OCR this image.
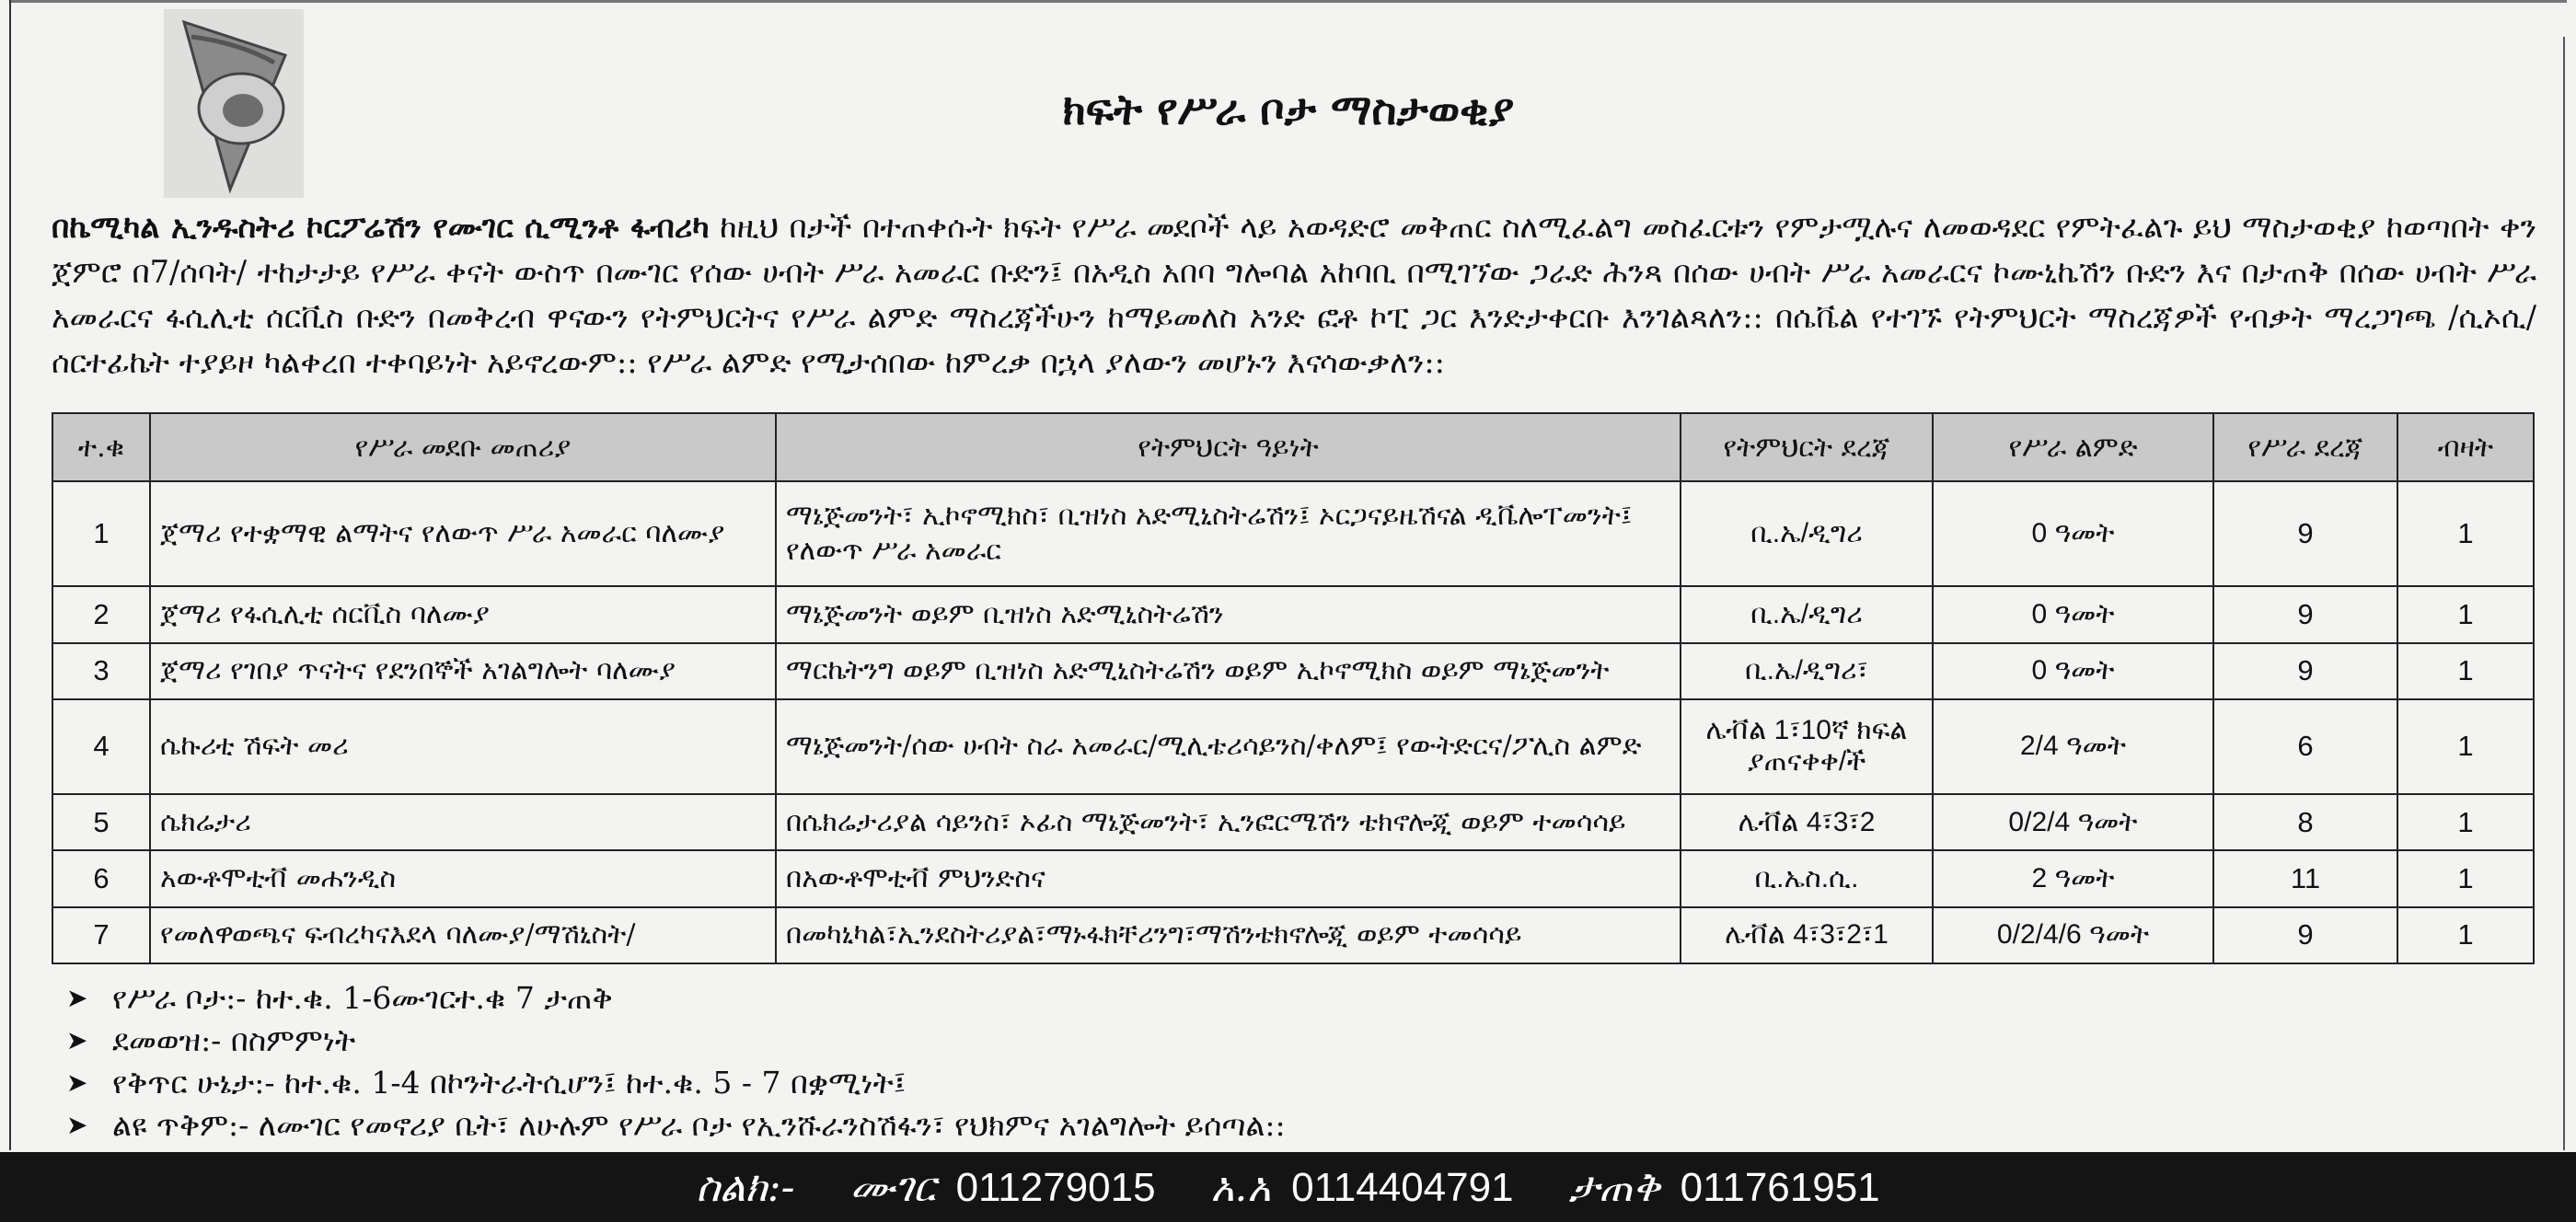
ክፍት የሥራ ቦታ ማስታወቂያ
በኬሚካል ኢንዱስትሪ ኮርፖሬሽን የሙገር ሲሚንቶ ፋብሪካ ከዚህ በታች በተጠቀሱት ክፍት የሥራ መደቦች ላይ አወዳድሮ መቅጠር ስለሚፈልግ መስፈርቱን የምታሟሉና ለመወዳደር የምትፈልጉ ይህ ማስታወቂያ ከወጣበት ቀን ጀምሮ በ7/ሰባት/ ተከታታይ የሥራ ቀናት ውስጥ በሙገር የሰው ሀብት ሥራ አመራር ቡድን፤ በአዲስ አበባ ግሎባል አከባቢ በሚገኘው ጋራድ ሕንጻ በሰው ሀብት ሥራ አመራርና ኮሙኒኬሽን ቡድን እና በታጠቅ በሰው ሀብት ሥራ አመራርና ፋሲሊቲ ሰርቪስ ቡድን በመቅረብ ዋናውን የትምህርትና የሥራ ልምድ ማስረጃችሁን ከማይመለስ አንድ ፎቶ ኮፒ ጋር እንድታቀርቡ እንገልጻለን:: በሴቬል የተገኙ የትምህርት ማስረጃዎች የብቃት ማረጋገጫ /ሲኦሲ/ ሰርተፊኬት ተያይዞ ካልቀረበ ተቀባይነት አይኖረውም:: የሥራ ልምድ የሚታሰበው ከምረቃ በኋላ ያለውን መሆኑን እናሳውቃለን::
ተ.ቁ	የሥራ መደቡ መጠሪያ	የትምህርት ዓይነት	የትምህርት ደረጃ	የሥራ ልምድ	የሥራ ደረጃ	ብዛት
1	ጀማሪ የተቋማዊ ልማትና የለውጥ ሥራ አመራር ባለሙያ	ማኔጅመንት፣ ኢኮኖሚክስ፣ ቢዝነስ አድሚኒስትሬሽን፤ ኦርጋናይዜሽናል ዲቬሎፐመንት፤ የለውጥ ሥራ አመራር	ቢ.ኤ/ዲግሪ	0 ዓመት	9	1
2	ጀማሪ የፋሲሊቲ ሰርቪስ ባለሙያ	ማኔጅመንት ወይም ቢዝነስ አድሚኒስትሬሽን	ቢ.ኤ/ዲግሪ	0 ዓመት	9	1
3	ጀማሪ የገበያ ጥናትና የደንበኞች አገልግሎት ባለሙያ	ማርኬትንግ ወይም ቢዝነስ አድሚኒስትሬሽን ወይም ኢኮኖሚክስ ወይም ማኔጅመንት	ቢ.ኤ/ዲግሪ፣	0 ዓመት	9	1
4	ሴኩሪቲ ሽፍት መሪ	ማኔጅመንት/ሰው ሀብት ስራ አመራር/ሚሊቴሪሳይንስ/ቀለም፤ የውትድርና/ፖሊስ ልምድ	ሌቭል 1፣10ኛ ክፍል ያጠናቀቀ/ች	2/4 ዓመት	6	1
5	ሴክሬታሪ	በሴክሬታሪያል ሳይንስ፣ ኦፊስ ማኔጅመንት፣ ኢንፎርሜሽን ቴክኖሎጂ ወይም ተመሳሳይ	ሌቭል 4፣3፣2	0/2/4 ዓመት	8	1
6	አውቶሞቲቭ መሐንዲስ	በአውቶሞቲቭ ምህንድስና	ቢ.ኤስ.ሲ.	2 ዓመት	11	1
7	የመለዋወጫና ፍብረካናእደላ ባለሙያ/ማሽኒስት/	በመካኒካል፣ኢንደስትሪያል፣ማኑፋክቸሪንግ፣ማሽንቴክኖሎጂ ወይም ተመሳሳይ	ሌቭል 4፣3፣2፣1	0/2/4/6 ዓመት	9	1
➤ የሥራ ቦታ:- ከተ.ቁ. 1-6ሙገርተ.ቁ 7 ታጠቅ
➤ ደመወዝ:- በስምምነት
➤ የቅጥር ሁኔታ:- ከተ.ቁ. 1-4 በኮንትራትሲሆን፤ ከተ.ቁ. 5 - 7 በቋሚነት፤
➤ ልዩ ጥቅም:- ለሙገር የመኖሪያ ቤት፣ ለሁሉም የሥራ ቦታ የኢንሹራንስሽፋን፣ የህክምና አገልግሎት ይሰጣል::
ስልክ:- ሙገር 011279015 አ.አ 0114404791 ታጠቅ 011761951
